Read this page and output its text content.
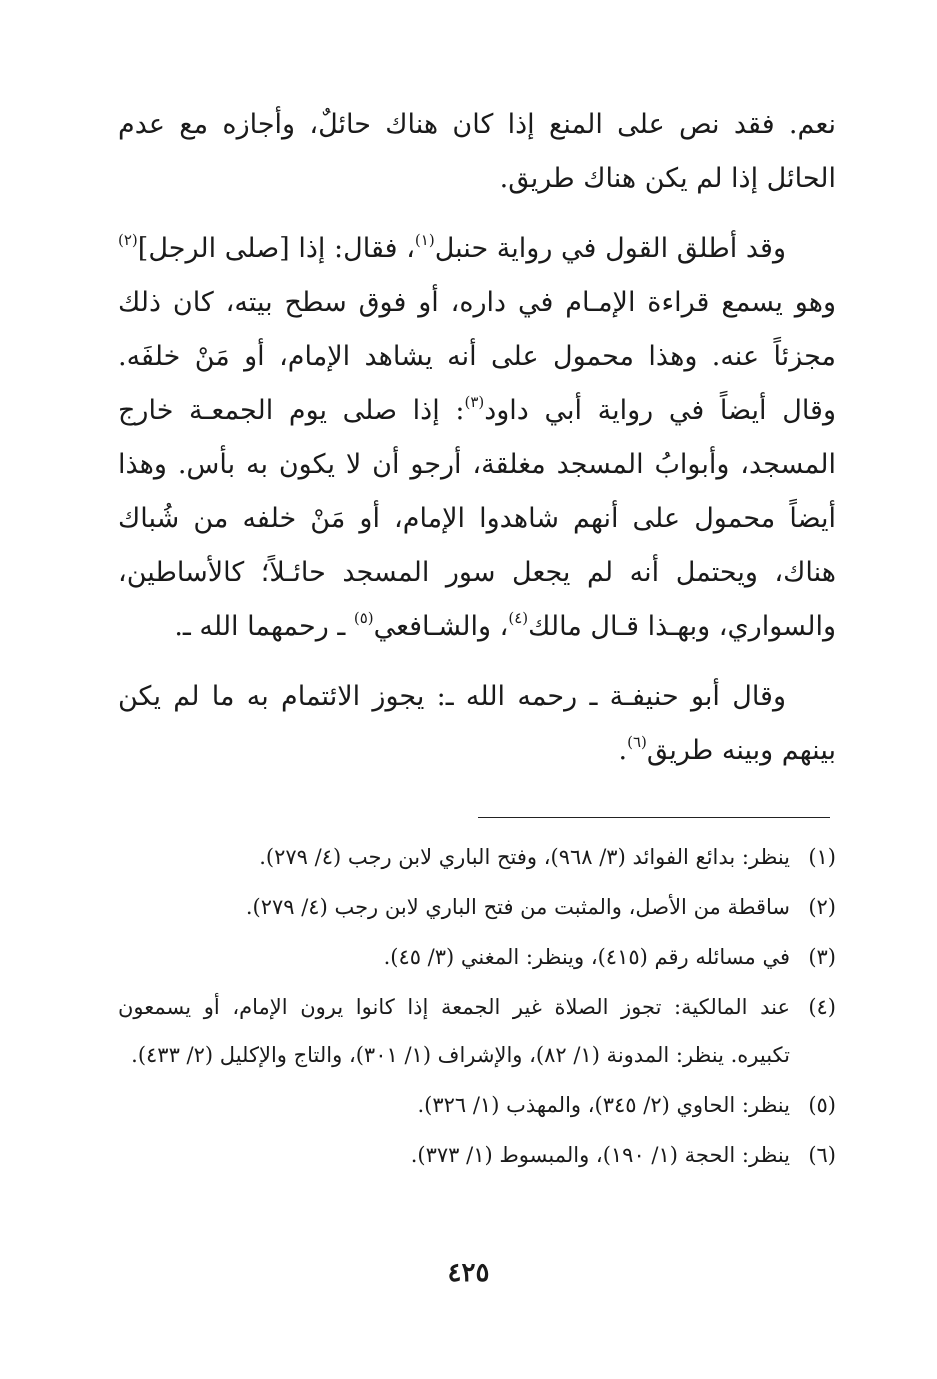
نعم. فقد نص على المنع إذا كان هناك حائلٌ، وأجازه مع عدم الحائل إذا لم يكن هناك طريق.

وقد أطلق القول في رواية حنبل$^{(١)}$، فقال: إذا [صلى الرجل]$^{(٢)}$ وهو يسمع قراءة الإمـام في داره، أو فوق سطح بيته، كان ذلك مجزئاً عنه. وهذا محمول على أنه يشاهد الإمام، أو مَنْ خلفَه. وقال أيضاً في رواية أبي داود$^{(٣)}$: إذا صلى يوم الجمعـة خارج المسجد، وأبوابُ المسجد مغلقة، أرجو أن لا يكون به بأس. وهذا أيضاً محمول على أنهم شاهدوا الإمام، أو مَنْ خلفه من شُباك هناك، ويحتمل أنه لم يجعل سور المسجد حائـلاً؛ كالأساطين، والسواري، وبهـذا قـال مالك$^{(٤)}$، والشـافعي$^{(٥)}$ ـ رحمهما الله ـ.

وقال أبو حنيفـة ـ رحمه الله ـ: يجوز الائتمام به ما لم يكن بينهم وبينه طريق$^{(٦)}$.

(١)
ينظر: بدائع الفوائد (٣/ ٩٦٨)، وفتح الباري لابن رجب (٤/ ٢٧٩).
(٢)
ساقطة من الأصل، والمثبت من فتح الباري لابن رجب (٤/ ٢٧٩).
(٣)
في مسائله رقم (٤١٥)، وينظر: المغني (٣/ ٤٥).
(٤)
عند المالكية: تجوز الصلاة غير الجمعة إذا كانوا يرون الإمام، أو يسمعون تكبيره. ينظر: المدونة (١/ ٨٢)، والإشراف (١/ ٣٠١)، والتاج والإكليل (٢/ ٤٣٣).
(٥)
ينظر: الحاوي (٢/ ٣٤٥)، والمهذب (١/ ٣٢٦).
(٦)
ينظر: الحجة (١/ ١٩٠)، والمبسوط (١/ ٣٧٣).
٤٢٥
